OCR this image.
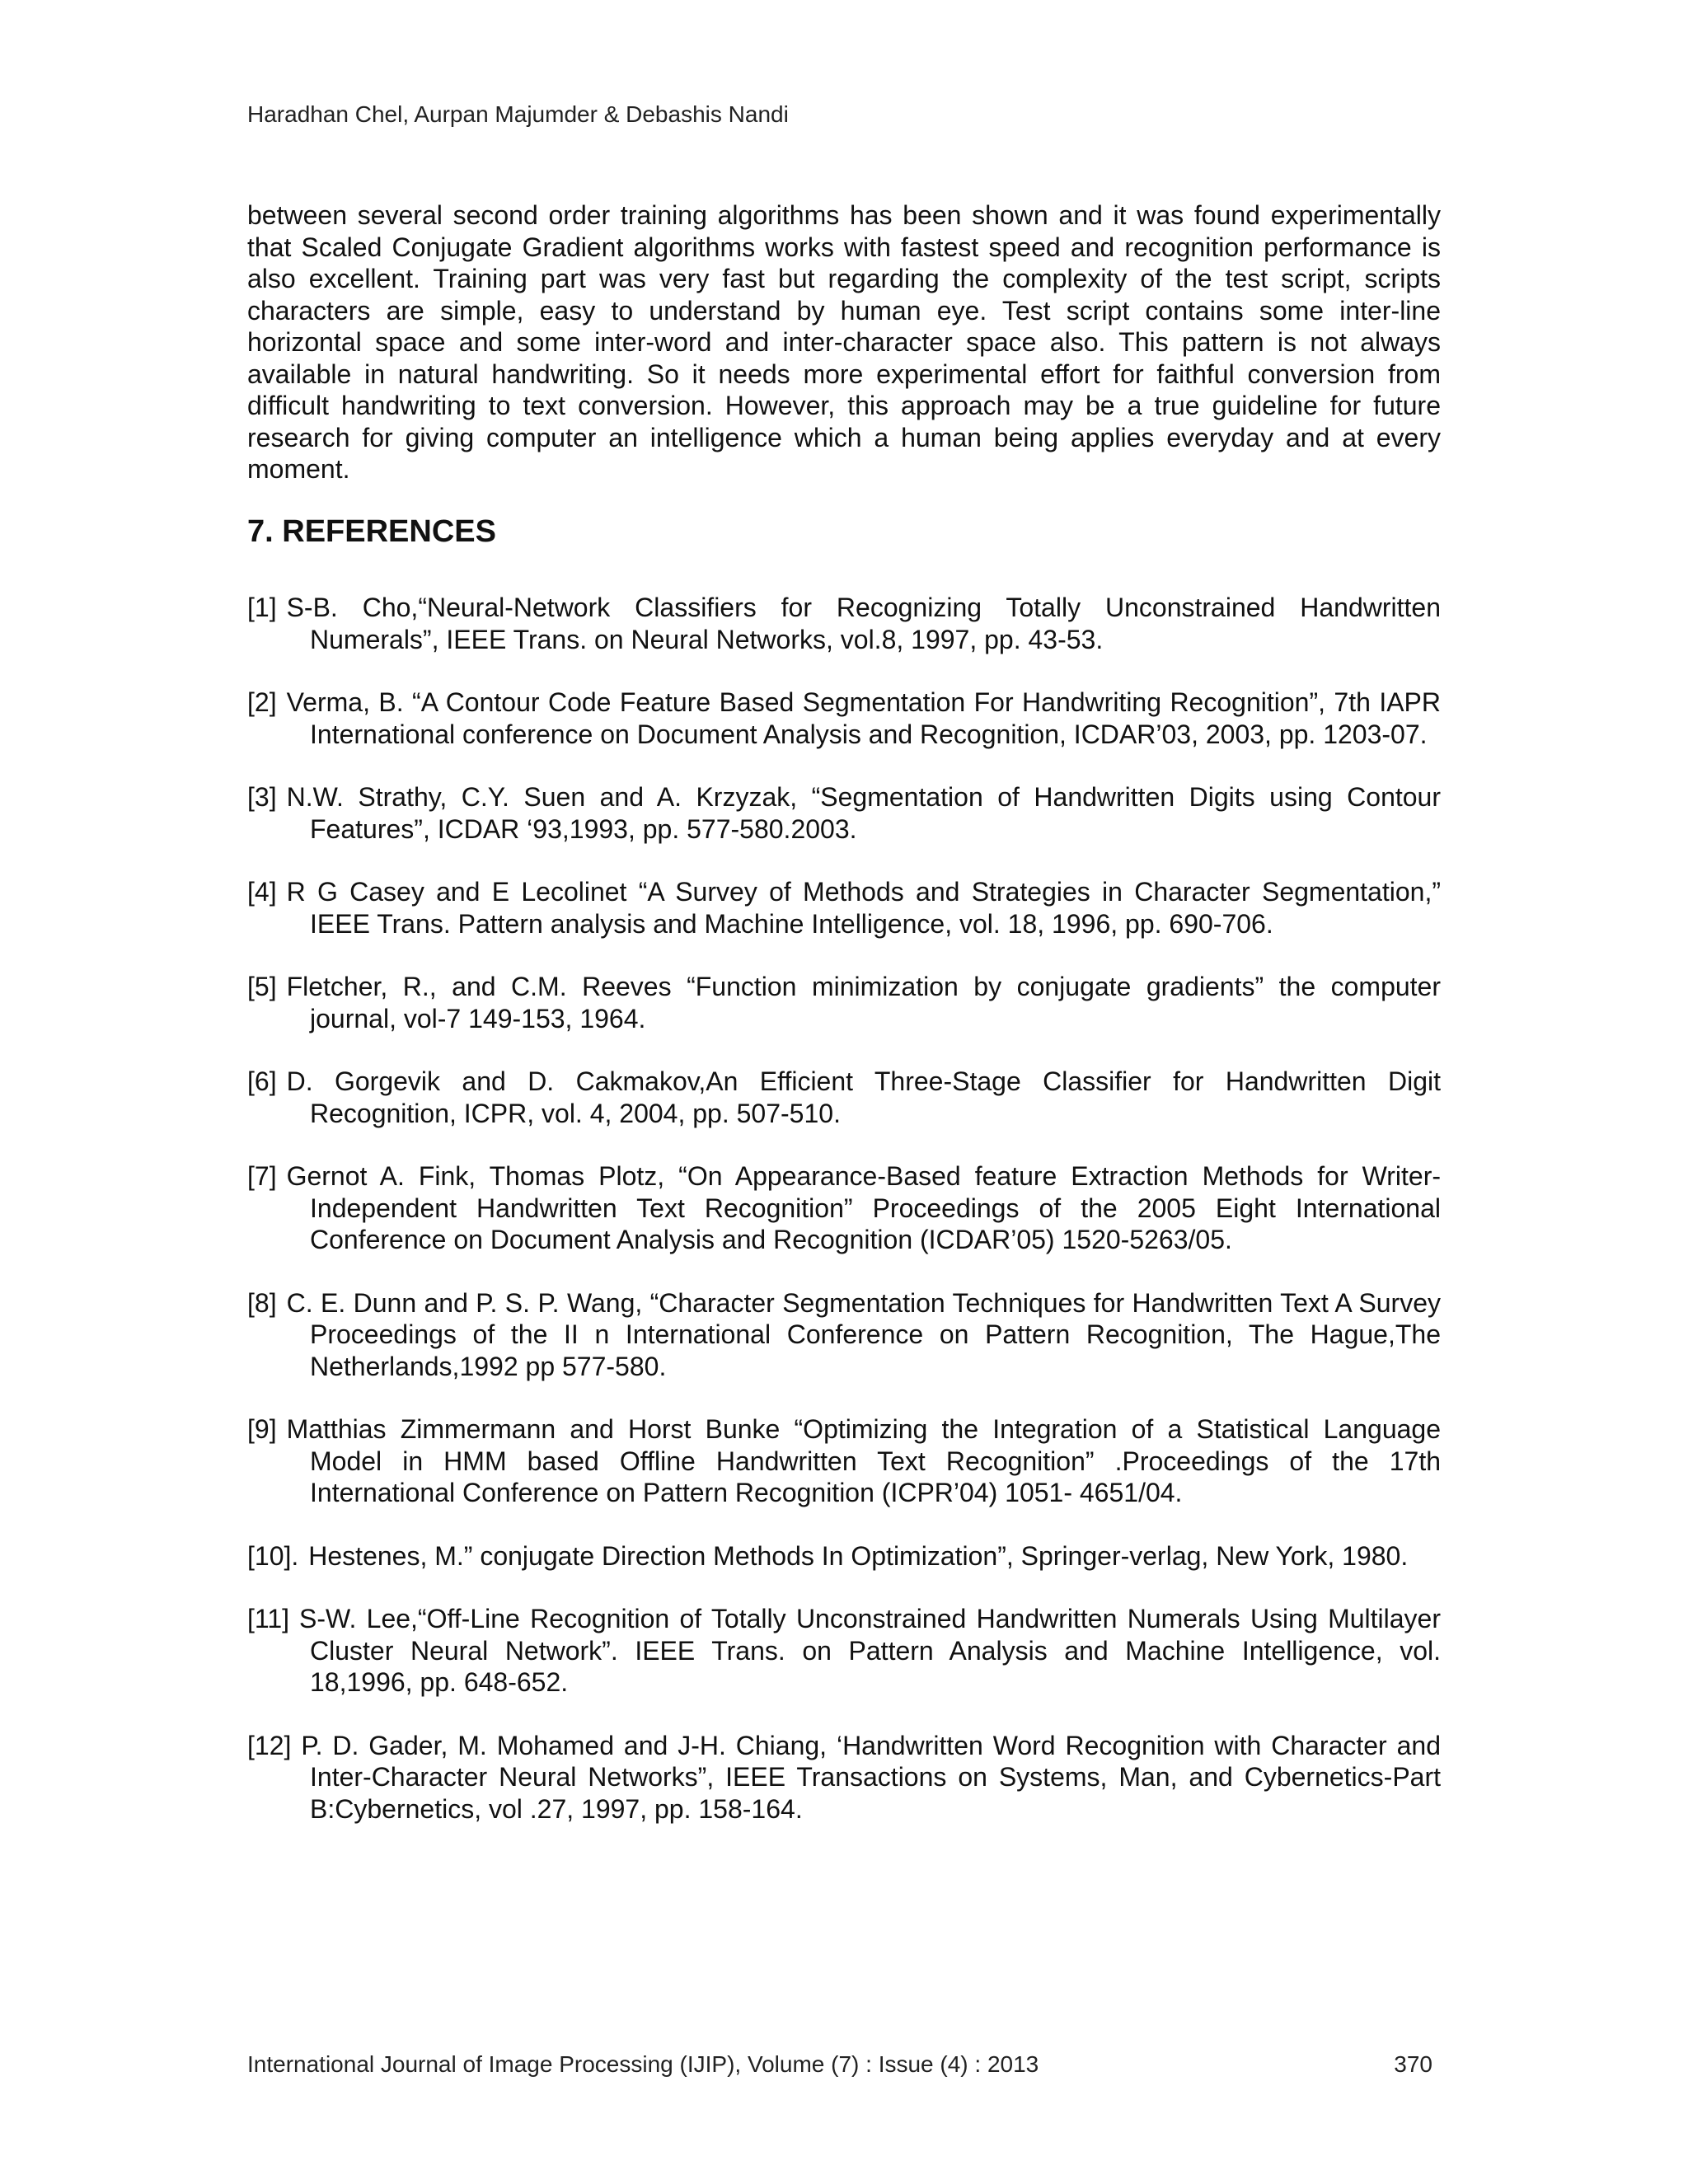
Haradhan Chel, Aurpan Majumder & Debashis Nandi

between several second order training algorithms has been shown and it was found experimentally that Scaled Conjugate Gradient algorithms works with fastest speed and recognition performance is also excellent. Training part was very fast but regarding the complexity of the test script, scripts characters are simple, easy to understand by human eye. Test script contains some inter-line horizontal space and some inter-word and inter-character space also. This pattern is not always available in natural handwriting. So it needs more experimental effort for faithful conversion from difficult handwriting to text conversion. However, this approach may be a true guideline for future research for giving computer an intelligence which a human being applies everyday and at every moment.

7. REFERENCES
[1] S-B. Cho,“Neural-Network Classifiers for Recognizing Totally Unconstrained Handwritten Numerals”, IEEE Trans. on Neural Networks, vol.8, 1997, pp. 43-53.
[2] Verma, B. “A Contour Code Feature Based Segmentation For Handwriting Recognition”, 7th IAPR International conference on Document Analysis and Recognition, ICDAR’03, 2003, pp. 1203-07.
[3] N.W. Strathy, C.Y. Suen and A. Krzyzak, “Segmentation of Handwritten Digits using Contour Features”, ICDAR ‘93,1993, pp. 577-580.2003.
[4] R G Casey and E Lecolinet “A Survey of Methods and Strategies in Character Segmentation,” IEEE Trans. Pattern analysis and Machine Intelligence, vol. 18, 1996, pp. 690-706.
[5] Fletcher, R., and C.M. Reeves “Function minimization by conjugate gradients” the computer journal, vol-7 149-153, 1964.
[6] D. Gorgevik and D. Cakmakov,An Efficient Three-Stage Classifier for Handwritten Digit Recognition, ICPR, vol. 4, 2004, pp. 507-510.
[7] Gernot A. Fink, Thomas Plotz, “On Appearance-Based feature Extraction Methods for Writer-Independent Handwritten Text Recognition” Proceedings of the 2005 Eight International Conference on Document Analysis and Recognition (ICDAR’05) 1520-5263/05.
[8] C. E. Dunn and P. S. P. Wang, “Character Segmentation Techniques for Handwritten Text A Survey Proceedings of the II n International Conference on Pattern Recognition, The Hague,The Netherlands,1992 pp 577-580.
[9] Matthias Zimmermann and Horst Bunke “Optimizing the Integration of a Statistical Language Model in HMM based Offline Handwritten Text Recognition” .Proceedings of the 17th International Conference on Pattern Recognition (ICPR’04) 1051- 4651/04.
[10]. Hestenes, M.” conjugate Direction Methods In Optimization”, Springer-verlag, New York, 1980.
[11] S-W. Lee,“Off-Line Recognition of Totally Unconstrained Handwritten Numerals Using Multilayer Cluster Neural Network”. IEEE Trans. on Pattern Analysis and Machine Intelligence, vol. 18,1996, pp. 648-652.
[12] P. D. Gader, M. Mohamed and J-H. Chiang, ‘Handwritten Word Recognition with Character and Inter-Character Neural Networks”, IEEE Transactions on Systems, Man, and Cybernetics-Part B:Cybernetics, vol .27, 1997, pp. 158-164.
International Journal of Image Processing (IJIP), Volume (7) : Issue (4) : 2013	370
